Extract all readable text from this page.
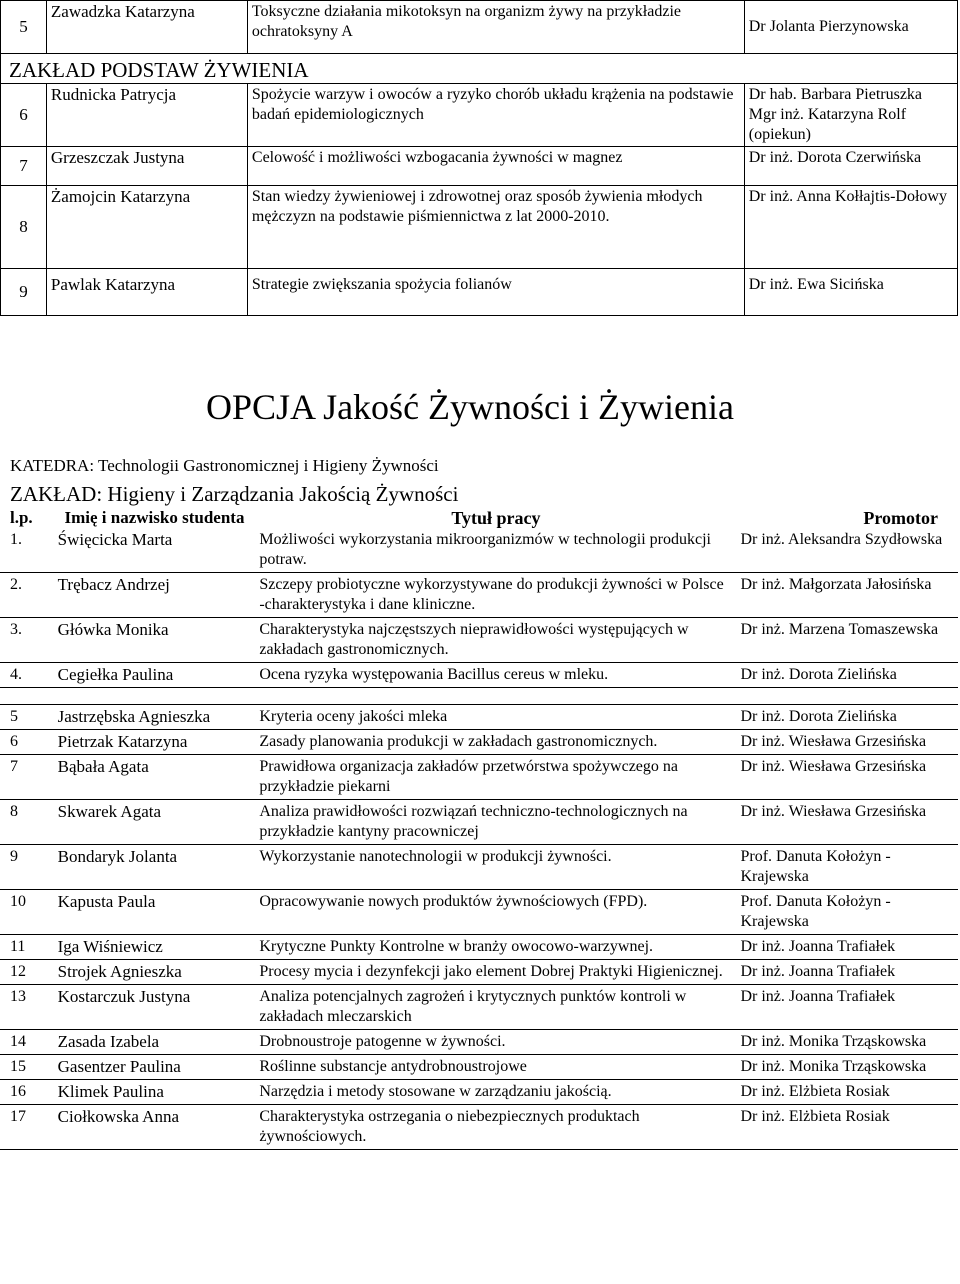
5	Zawadzka Katarzyna	Toksyczne działania mikotoksyn na organizm żywy na przykładzie ochratoksyny A	Dr Jolanta Pierzynowska
ZAKŁAD PODSTAW ŻYWIENIA			
6	Rudnicka Patrycja	Spożycie warzyw i owoców a ryzyko chorób układu krążenia na podstawie badań epidemiologicznych	Dr hab. Barbara Pietruszka Mgr inż. Katarzyna Rolf (opiekun)
7	Grzeszczak Justyna	Celowość i możliwości wzbogacania żywności w magnez	Dr inż. Dorota Czerwińska
8	Żamojcin Katarzyna	Stan wiedzy żywieniowej i zdrowotnej oraz sposób żywienia młodych mężczyzn na podstawie piśmiennictwa z lat 2000-2010.	Dr inż. Anna Kołłajtis-Dołowy
9	Pawlak Katarzyna	Strategie zwiększania spożycia folianów	Dr inż. Ewa Sicińska
OPCJA Jakość Żywności i Żywienia
KATEDRA: Technologii Gastronomicznej i Higieny Żywności
ZAKŁAD: Higieny i Zarządzania Jakością Żywności
l.p.	Imię i nazwisko studenta	Tytuł pracy	Promotor
1.	Święcicka Marta	Możliwości wykorzystania mikroorganizmów w technologii produkcji potraw.	Dr inż. Aleksandra Szydłowska
2.	Trębacz Andrzej	Szczepy probiotyczne wykorzystywane do produkcji żywności w Polsce -charakterystyka i dane kliniczne.	Dr inż. Małgorzata Jałosińska
3.	Główka Monika	Charakterystyka najczęstszych nieprawidłowości występujących w zakładach gastronomicznych.	Dr inż. Marzena Tomaszewska
4.	Cegiełka Paulina	Ocena ryzyka występowania Bacillus cereus w mleku.	Dr inż. Dorota Zielińska

5	Jastrzębska Agnieszka	Kryteria oceny jakości mleka	Dr inż. Dorota Zielińska
6	Pietrzak Katarzyna	Zasady planowania produkcji w zakładach gastronomicznych.	Dr inż. Wiesława Grzesińska
7	Bąbała Agata	Prawidłowa organizacja zakładów przetwórstwa spożywczego na przykładzie piekarni	Dr inż. Wiesława Grzesińska
8	Skwarek Agata	Analiza prawidłowości rozwiązań techniczno-technologicznych na przykładzie kantyny pracowniczej	Dr inż. Wiesława Grzesińska
9	Bondaryk Jolanta	Wykorzystanie nanotechnologii w produkcji żywności.	Prof. Danuta Kołożyn - Krajewska
10	Kapusta Paula	Opracowywanie nowych produktów żywnościowych (FPD).	Prof. Danuta Kołożyn - Krajewska
11	Iga Wiśniewicz	Krytyczne Punkty Kontrolne w branży owocowo-warzywnej.	Dr inż. Joanna Trafiałek
12	Strojek Agnieszka	Procesy mycia i dezynfekcji jako element Dobrej Praktyki Higienicznej.	Dr inż. Joanna Trafiałek
13	Kostarczuk Justyna	Analiza potencjalnych zagrożeń i krytycznych punktów kontroli w zakładach mleczarskich	Dr inż. Joanna Trafiałek
14	Zasada Izabela	Drobnoustroje patogenne w żywności.	Dr inż. Monika Trząskowska
15	Gasentzer Paulina	Roślinne substancje antydrobnoustrojowe	Dr inż. Monika Trząskowska
16	Klimek Paulina	Narzędzia i metody stosowane w zarządzaniu jakością.	Dr inż. Elżbieta Rosiak
17	Ciołkowska Anna	Charakterystyka ostrzegania o niebezpiecznych produktach żywnościowych.	Dr inż. Elżbieta Rosiak
